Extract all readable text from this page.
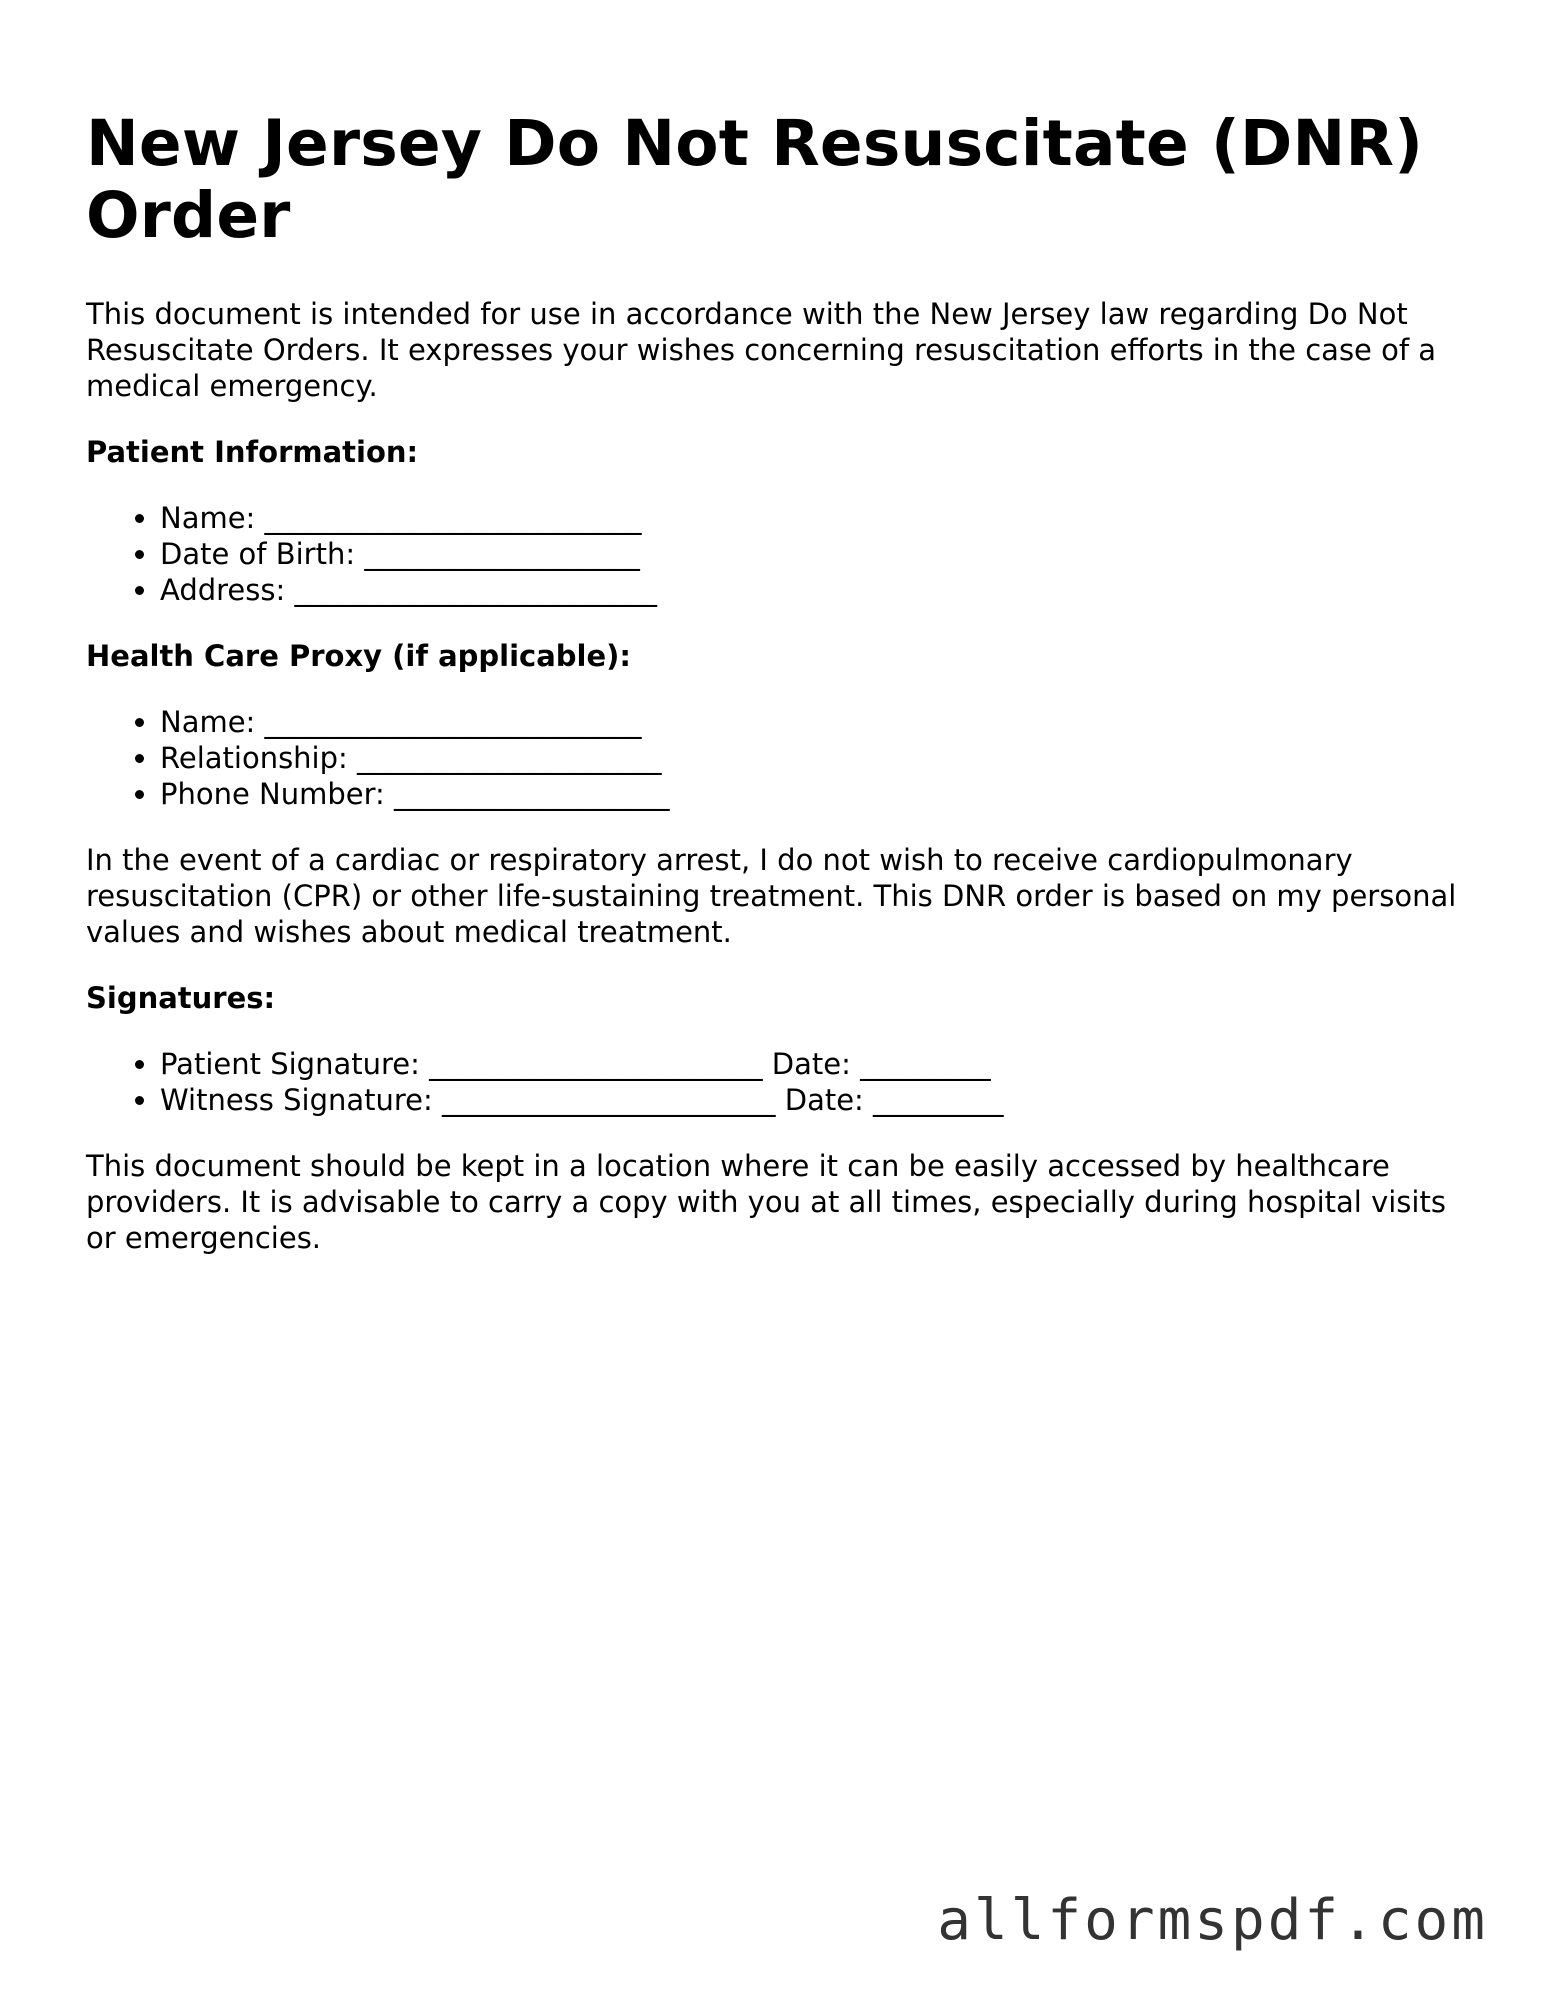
New Jersey Do Not Resuscitate (DNR) Order

This document is intended for use in accordance with the New Jersey law regarding Do Not Resuscitate Orders. It expresses your wishes concerning resuscitation efforts in the case of a medical emergency.

Patient Information:
• Name: __________________________
• Date of Birth: ___________________
• Address: _________________________
Health Care Proxy (if applicable):
• Name: __________________________
• Relationship: _____________________
• Phone Number: ___________________

In the event of a cardiac or respiratory arrest, I do not wish to receive cardiopulmonary resuscitation (CPR) or other life-sustaining treatment. This DNR order is based on my personal values and wishes about medical treatment.

Signatures:
• Patient Signature: _______________________ Date: _________
• Witness Signature: _______________________ Date: _________

This document should be kept in a location where it can be easily accessed by healthcare providers. It is advisable to carry a copy with you at all times, especially during hospital visits or emergencies.

allformspdf.com
